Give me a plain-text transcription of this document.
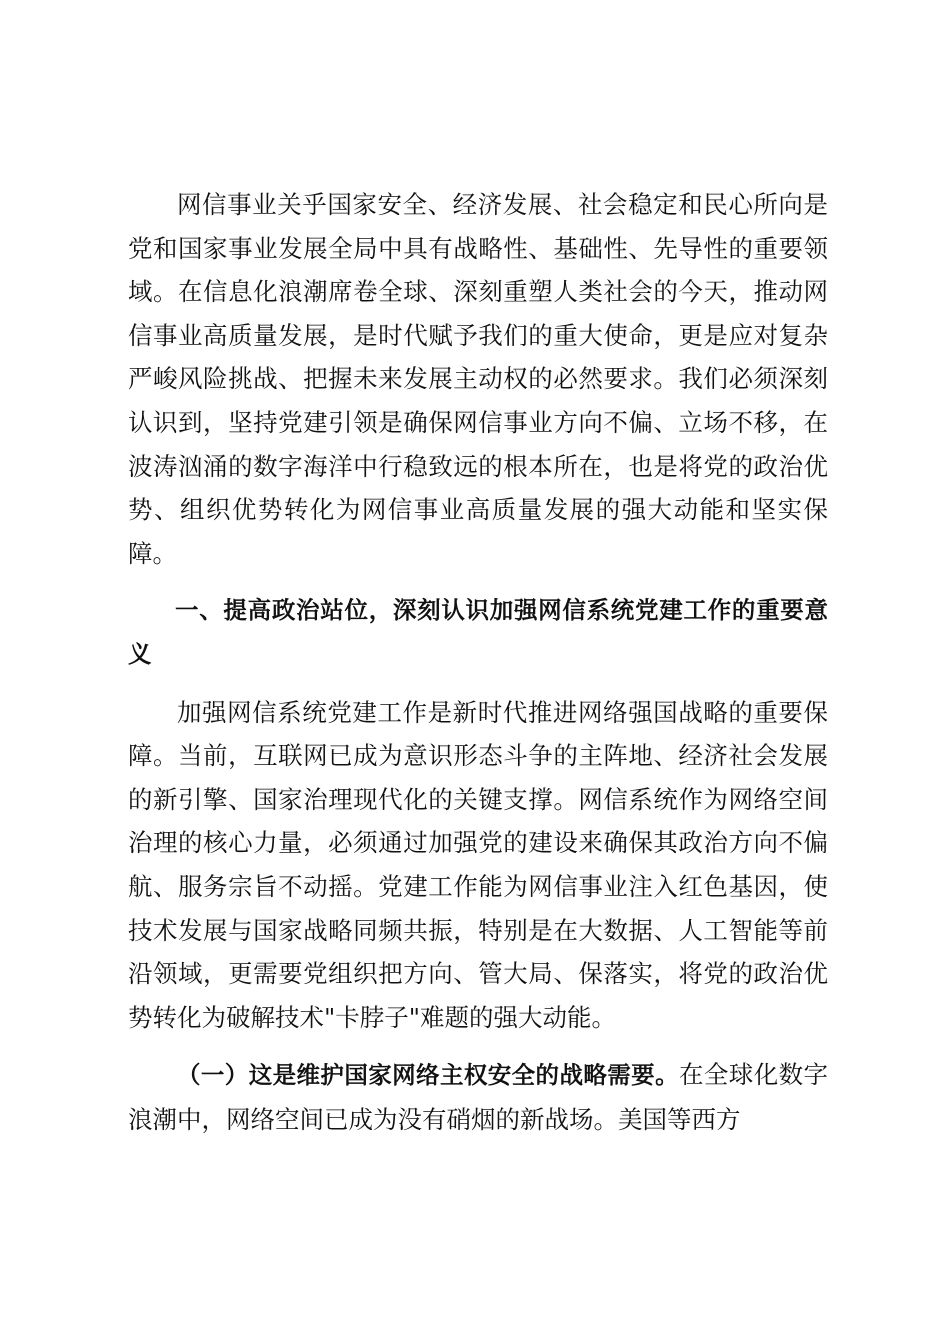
网信事业关乎国家安全、经济发展、社会稳定和民心所向是党和国家事业发展全局中具有战略性、基础性、先导性的重要领域。在信息化浪潮席卷全球、深刻重塑人类社会的今天，推动网信事业高质量发展，是时代赋予我们的重大使命，更是应对复杂严峻风险挑战、把握未来发展主动权的必然要求。我们必须深刻认识到，坚持党建引领是确保网信事业方向不偏、立场不移，在波涛汹涌的数字海洋中行稳致远的根本所在，也是将党的政治优势、组织优势转化为网信事业高质量发展的强大动能和坚实保障。

一、提高政治站位，深刻认识加强网信系统党建工作的重要意义

加强网信系统党建工作是新时代推进网络强国战略的重要保障。当前，互联网已成为意识形态斗争的主阵地、经济社会发展的新引擎、国家治理现代化的关键支撑。网信系统作为网络空间治理的核心力量，必须通过加强党的建设来确保其政治方向不偏航、服务宗旨不动摇。党建工作能为网信事业注入红色基因，使技术发展与国家战略同频共振，特别是在大数据、人工智能等前沿领域，更需要党组织把方向、管大局、保落实，将党的政治优势转化为破解技术"卡脖子"难题的强大动能。

（一）这是维护国家网络主权安全的战略需要。在全球化数字浪潮中，网络空间已成为没有硝烟的新战场。美国等西方
